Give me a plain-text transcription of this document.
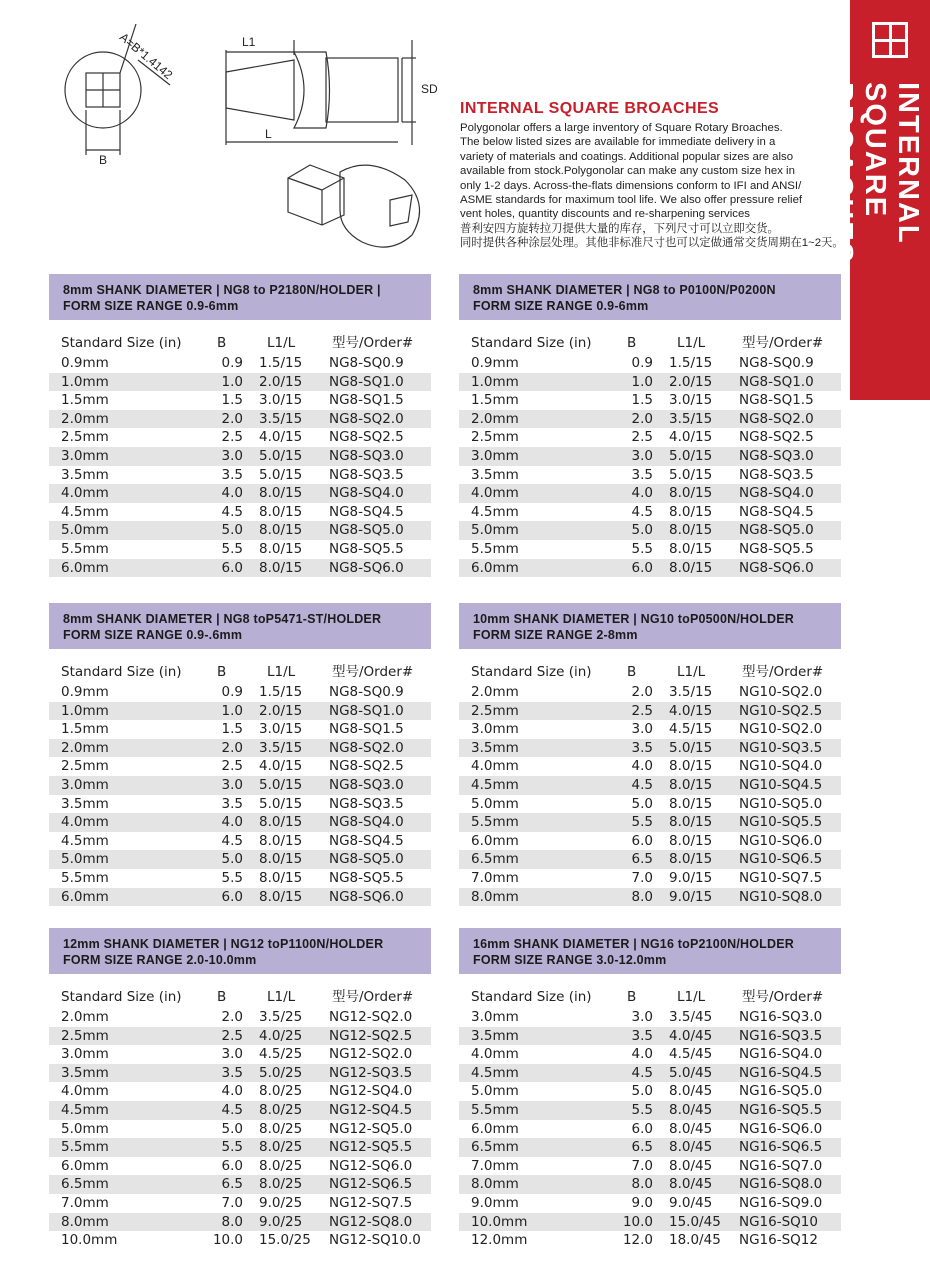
INTERNAL SQUARE BROACHES
A=B*1.4142
B
L1
L
SD
INTERNAL SQUARE BROACHES
Polygonolar offers a large inventory of Square Rotary Broaches.
The below listed sizes are available for immediate delivery in a
variety of materials and coatings. Additional popular sizes are also
available from stock.Polygonolar can make any custom size hex in
only 1-2 days. Across-the-flats dimensions conform to IFI and ANSI/
ASME standards for maximum tool life. We also offer pressure relief
vent holes, quantity discounts and re-sharpening services
普利安四方旋转拉刀提供大量的库存，下列尺寸可以立即交货。
同时提供各种涂层处理。其他非标准尺寸也可以定做通常交货周期在1~2天。
8mm SHANK DIAMETER | NG8 to P2180N/HOLDER |
FORM SIZE RANGE 0.9-6mm
Standard Size (in)	B	L1/L	型号/Order#
0.9mm	0.9 1.5/15	NG8-SQ0.9
1.0mm	1.0 2.0/15	NG8-SQ1.0
1.5mm	1.5 3.0/15	NG8-SQ1.5
2.0mm	2.0 3.5/15	NG8-SQ2.0
2.5mm	2.5 4.0/15	NG8-SQ2.5
3.0mm	3.0 5.0/15	NG8-SQ3.0
3.5mm	3.5 5.0/15	NG8-SQ3.5
4.0mm	4.0 8.0/15	NG8-SQ4.0
4.5mm	4.5 8.0/15	NG8-SQ4.5
5.0mm	5.0 8.0/15	NG8-SQ5.0
5.5mm	5.5 8.0/15	NG8-SQ5.5
6.0mm	6.0 8.0/15	NG8-SQ6.0
8mm SHANK DIAMETER | NG8 to P0100N/P0200N
FORM SIZE RANGE 0.9-6mm
Standard Size (in)	B	L1/L	型号/Order#
0.9mm	0.9 1.5/15	NG8-SQ0.9
1.0mm	1.0 2.0/15	NG8-SQ1.0
1.5mm	1.5 3.0/15	NG8-SQ1.5
2.0mm	2.0 3.5/15	NG8-SQ2.0
2.5mm	2.5 4.0/15	NG8-SQ2.5
3.0mm	3.0 5.0/15	NG8-SQ3.0
3.5mm	3.5 5.0/15	NG8-SQ3.5
4.0mm	4.0 8.0/15	NG8-SQ4.0
4.5mm	4.5 8.0/15	NG8-SQ4.5
5.0mm	5.0 8.0/15	NG8-SQ5.0
5.5mm	5.5 8.0/15	NG8-SQ5.5
6.0mm	6.0 8.0/15	NG8-SQ6.0
8mm SHANK DIAMETER | NG8 toP5471-ST/HOLDER
FORM SIZE RANGE 0.9-.6mm
Standard Size (in)	B	L1/L	型号/Order#
0.9mm	0.9 1.5/15	NG8-SQ0.9
1.0mm	1.0 2.0/15	NG8-SQ1.0
1.5mm	1.5 3.0/15	NG8-SQ1.5
2.0mm	2.0 3.5/15	NG8-SQ2.0
2.5mm	2.5 4.0/15	NG8-SQ2.5
3.0mm	3.0 5.0/15	NG8-SQ3.0
3.5mm	3.5 5.0/15	NG8-SQ3.5
4.0mm	4.0 8.0/15	NG8-SQ4.0
4.5mm	4.5 8.0/15	NG8-SQ4.5
5.0mm	5.0 8.0/15	NG8-SQ5.0
5.5mm	5.5 8.0/15	NG8-SQ5.5
6.0mm	6.0 8.0/15	NG8-SQ6.0
10mm SHANK DIAMETER | NG10 toP0500N/HOLDER
FORM SIZE RANGE 2-8mm
Standard Size (in)	B	L1/L	型号/Order#
2.0mm	2.0 3.5/15	NG10-SQ2.0
2.5mm	2.5 4.0/15	NG10-SQ2.5
3.0mm	3.0 4.5/15	NG10-SQ2.0
3.5mm	3.5 5.0/15	NG10-SQ3.5
4.0mm	4.0 8.0/15	NG10-SQ4.0
4.5mm	4.5 8.0/15	NG10-SQ4.5
5.0mm	5.0 8.0/15	NG10-SQ5.0
5.5mm	5.5 8.0/15	NG10-SQ5.5
6.0mm	6.0 8.0/15	NG10-SQ6.0
6.5mm	6.5 8.0/15	NG10-SQ6.5
7.0mm	7.0 9.0/15	NG10-SQ7.5
8.0mm	8.0 9.0/15	NG10-SQ8.0
12mm SHANK DIAMETER | NG12 toP1100N/HOLDER
FORM SIZE RANGE 2.0-10.0mm
Standard Size (in)	B	L1/L	型号/Order#
2.0mm	2.0 3.5/25	NG12-SQ2.0
2.5mm	2.5 4.0/25	NG12-SQ2.5
3.0mm	3.0 4.5/25	NG12-SQ2.0
3.5mm	3.5 5.0/25	NG12-SQ3.5
4.0mm	4.0 8.0/25	NG12-SQ4.0
4.5mm	4.5 8.0/25	NG12-SQ4.5
5.0mm	5.0 8.0/25	NG12-SQ5.0
5.5mm	5.5 8.0/25	NG12-SQ5.5
6.0mm	6.0 8.0/25	NG12-SQ6.0
6.5mm	6.5 8.0/25	NG12-SQ6.5
7.0mm	7.0 9.0/25	NG12-SQ7.5
8.0mm	8.0 9.0/25	NG12-SQ8.0
10.0mm	10.0 15.0/25	NG12-SQ10.0
16mm SHANK DIAMETER | NG16 toP2100N/HOLDER
FORM SIZE RANGE 3.0-12.0mm
Standard Size (in)	B	L1/L	型号/Order#
3.0mm	3.0 3.5/45	NG16-SQ3.0
3.5mm	3.5 4.0/45	NG16-SQ3.5
4.0mm	4.0 4.5/45	NG16-SQ4.0
4.5mm	4.5 5.0/45	NG16-SQ4.5
5.0mm	5.0 8.0/45	NG16-SQ5.0
5.5mm	5.5 8.0/45	NG16-SQ5.5
6.0mm	6.0 8.0/45	NG16-SQ6.0
6.5mm	6.5 8.0/45	NG16-SQ6.5
7.0mm	7.0 8.0/45	NG16-SQ7.0
8.0mm	8.0 8.0/45	NG16-SQ8.0
9.0mm	9.0 9.0/45	NG16-SQ9.0
10.0mm	10.0 15.0/45	NG16-SQ10
12.0mm	12.0 18.0/45	NG16-SQ12
